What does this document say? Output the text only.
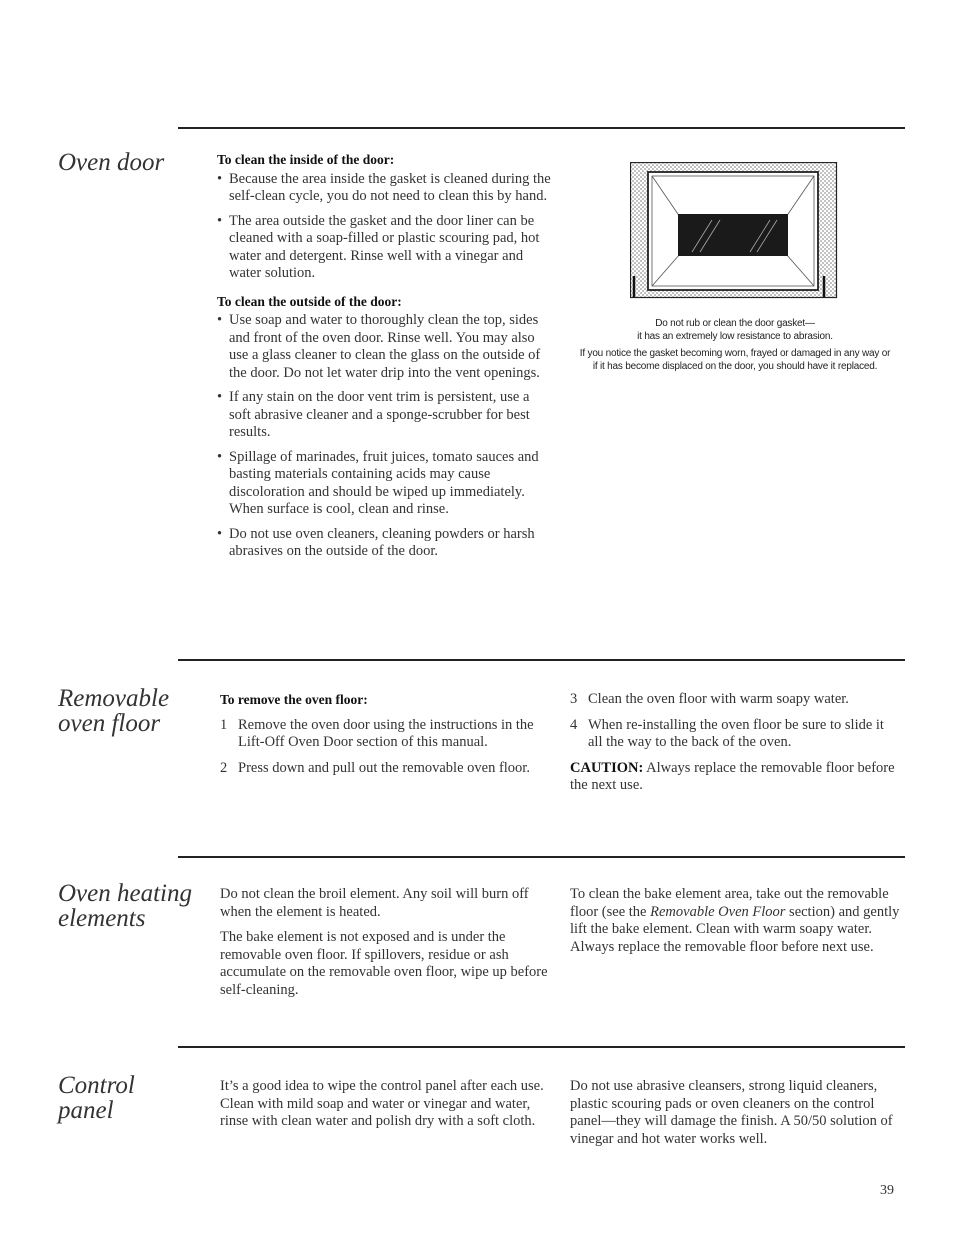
Oven door	To clean the inside of the door:
• Because the area inside the gasket is cleaned during the self-clean cycle, you do not need to clean this by hand.
• The area outside the gasket and the door liner can be cleaned with a soap-filled or plastic scouring pad, hot water and detergent. Rinse well with a vinegar and water solution.
To clean the outside of the door:
• Use soap and water to thoroughly clean the top, sides and front of the oven door. Rinse well. You may also use a glass cleaner to clean the glass on the outside of the door. Do not let water drip into the vent openings.
• If any stain on the door vent trim is persistent, use a soft abrasive cleaner and a sponge-scrubber for best results.
• Spillage of marinades, fruit juices, tomato sauces and basting materials containing acids may cause discoloration and should be wiped up immediately. When surface is cool, clean and rinse.
• Do not use oven cleaners, cleaning powders or harsh abrasives on the outside of the door.
Do not rub or clean the door gasket—
it has an extremely low resistance to abrasion.
If you notice the gasket becoming worn, frayed or damaged in any way or
if it has become displaced on the door, you should have it replaced.
Removable
oven floor
To remove the oven floor:
1 Remove the oven door using the instructions in the Lift-Off Oven Door section of this manual.
2 Press down and pull out the removable oven floor.
3 Clean the oven floor with warm soapy water.
4 When re-installing the oven floor be sure to slide it all the way to the back of the oven.
CAUTION: Always replace the removable floor before the next use.
Oven heating
elements
Do not clean the broil element. Any soil will burn off when the element is heated.
The bake element is not exposed and is under the removable oven floor. If spillovers, residue or ash accumulate on the removable oven floor, wipe up before self-cleaning.
To clean the bake element area, take out the removable floor (see the Removable Oven Floor section) and gently lift the bake element. Clean with warm soapy water. Always replace the removable floor before next use.
Control
panel
It’s a good idea to wipe the control panel after each use. Clean with mild soap and water or vinegar and water, rinse with clean water and polish dry with a soft cloth.
Do not use abrasive cleansers, strong liquid cleaners, plastic scouring pads or oven cleaners on the control panel—they will damage the finish. A 50/50 solution of vinegar and hot water works well.
39
